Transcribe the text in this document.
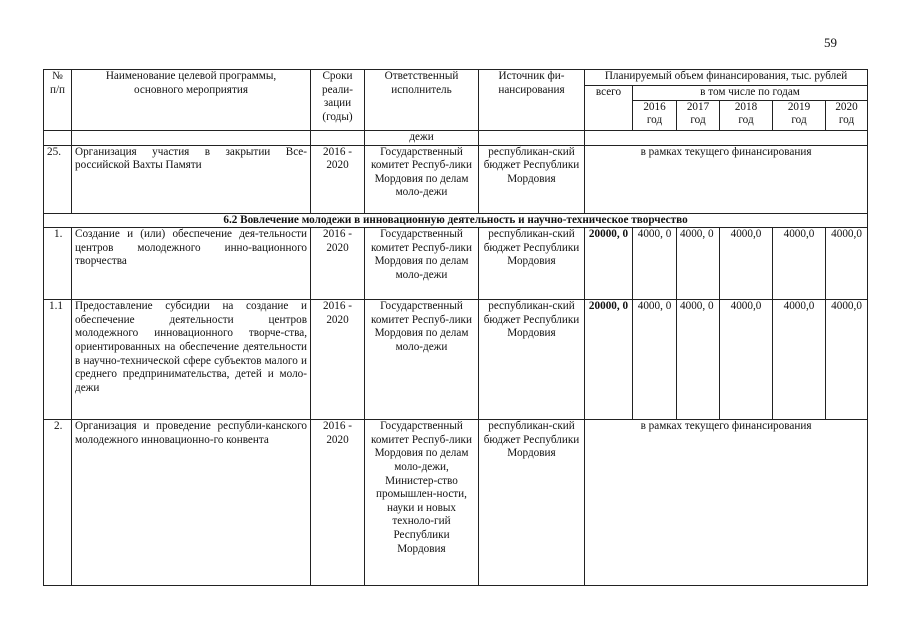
59
№ п/п	Наименование целевой программы, основного мероприятия	Сроки реали-зации (годы)	Ответственный исполнитель	Источник фи-нансирования	Планируемый объем финансирования, тыс. рублей					
					всего	в том числе по годам				
						2016 год	2017 год	2018 год	2019 год	2020 год
			дежи							
25.	Организация участия в закрытии Все-российской Вахты Памяти	2016 - 2020	Государственный комитет Респуб-лики Мордовия по делам моло-дежи	республикан-ский бюджет Республики Мордовия	в рамках текущего финансирования					
6.2 Вовлечение молодежи в инновационную деятельность и научно-техническое творчество										
1.	Создание и (или) обеспечение дея-тельности центров молодежного инно-вационного творчества	2016 - 2020	Государственный комитет Респуб-лики Мордовия по делам моло-дежи	республикан-ский бюджет Республики Мордовия	20000, 0	4000, 0	4000, 0	4000,0	4000,0	4000,0
1.1	Предоставление субсидии на создание и обеспечение деятельности центров молодежного инновационного творче-ства, ориентированных на обеспечение деятельности в научно-технической сфере субъектов малого и среднего предпринимательства, детей и моло-дежи	2016 - 2020	Государственный комитет Респуб-лики Мордовия по делам моло-дежи	республикан-ский бюджет Республики Мордовия	20000, 0	4000, 0	4000, 0	4000,0	4000,0	4000,0
2.	Организация и проведение республи-канского молодежного инновационно-го конвента	2016 - 2020	Государственный комитет Респуб-лики Мордовия по делам моло-дежи, Министер-ство промышлен-ности, науки и новых техноло-гий Республики Мордовия	республикан-ский бюджет Республики Мордовия	в рамках текущего финансирования					
